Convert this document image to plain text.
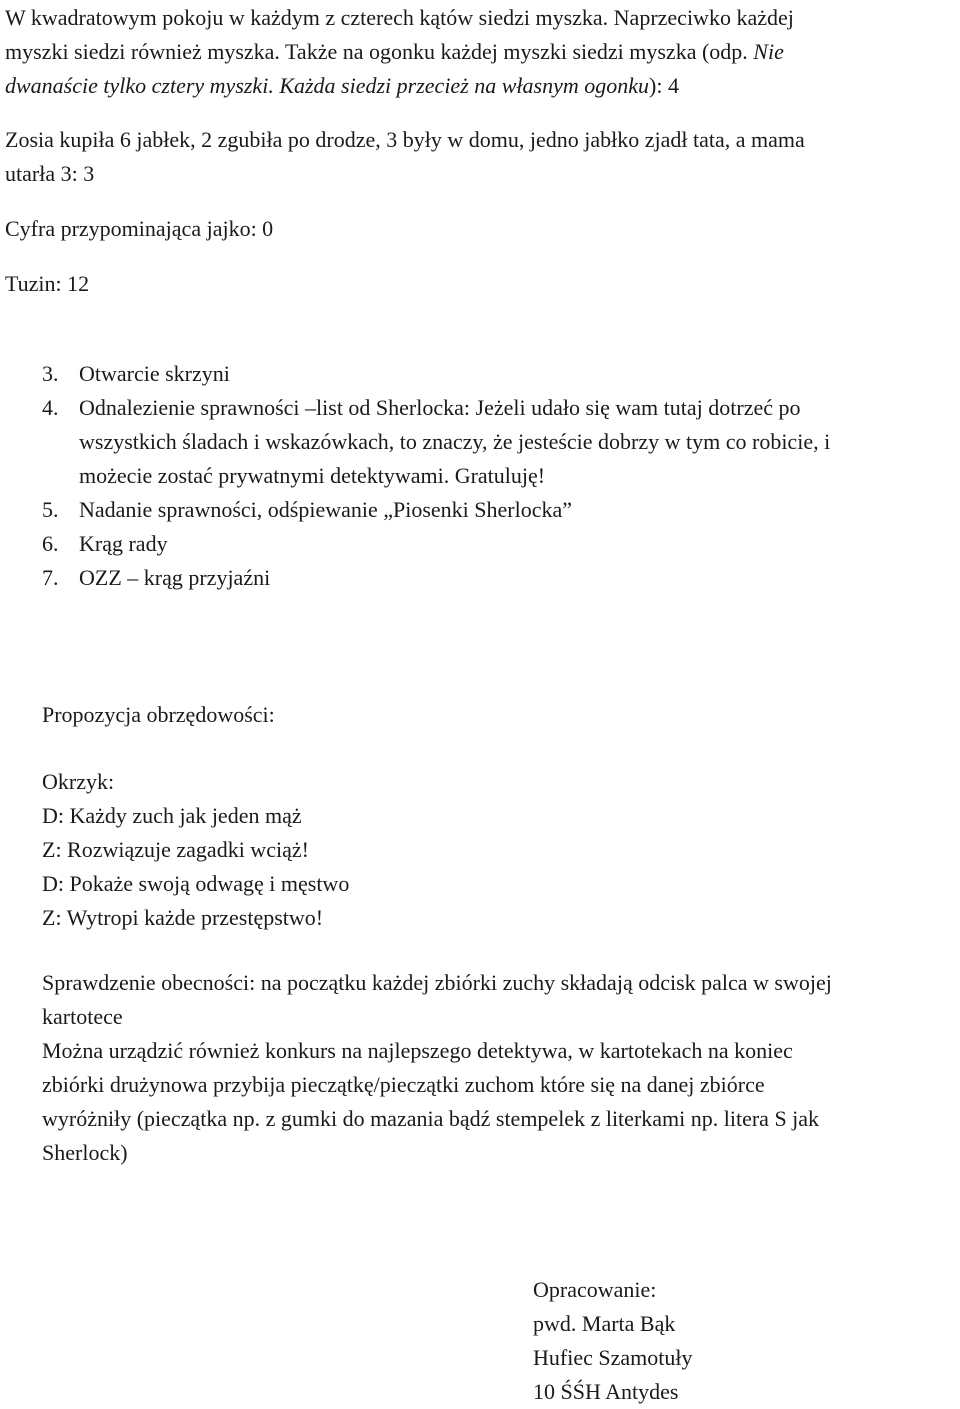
W kwadratowym pokoju w każdym z czterech kątów siedzi myszka. Naprzeciwko każdej
myszki siedzi również myszka. Także na ogonku każdej myszki siedzi myszka (odp. Nie
dwanaście tylko cztery myszki. Każda siedzi przecież na własnym ogonku): 4
Zosia kupiła 6 jabłek, 2 zgubiła po drodze, 3 były w domu, jedno jabłko zjadł tata, a mama
utarła 3: 3
Cyfra przypominająca jajko: 0
Tuzin: 12
3. Otwarcie skrzyni
4. Odnalezienie sprawności –list od Sherlocka: Jeżeli udało się wam tutaj dotrzeć po
wszystkich śladach i wskazówkach, to znaczy, że jesteście dobrzy w tym co robicie, i
możecie zostać prywatnymi detektywami. Gratuluję!
5. Nadanie sprawności, odśpiewanie „Piosenki Sherlocka”
6. Krąg rady
7. OZZ – krąg przyjaźni
Propozycja obrzędowości:
Okrzyk:
D: Każdy zuch jak jeden mąż
Z: Rozwiązuje zagadki wciąż!
D: Pokaże swoją odwagę i męstwo
Z: Wytropi każde przestępstwo!
Sprawdzenie obecności: na początku każdej zbiórki zuchy składają odcisk palca w swojej
kartotece
Można urządzić również konkurs na najlepszego detektywa, w kartotekach na koniec
zbiórki drużynowa przybija pieczątkę/pieczątki zuchom które się na danej zbiórce
wyróżniły (pieczątka np. z gumki do mazania bądź stempelek z literkami np. litera S jak
Sherlock)
Opracowanie:
pwd. Marta Bąk
Hufiec Szamotuły
10 ŚŚH Antydes
